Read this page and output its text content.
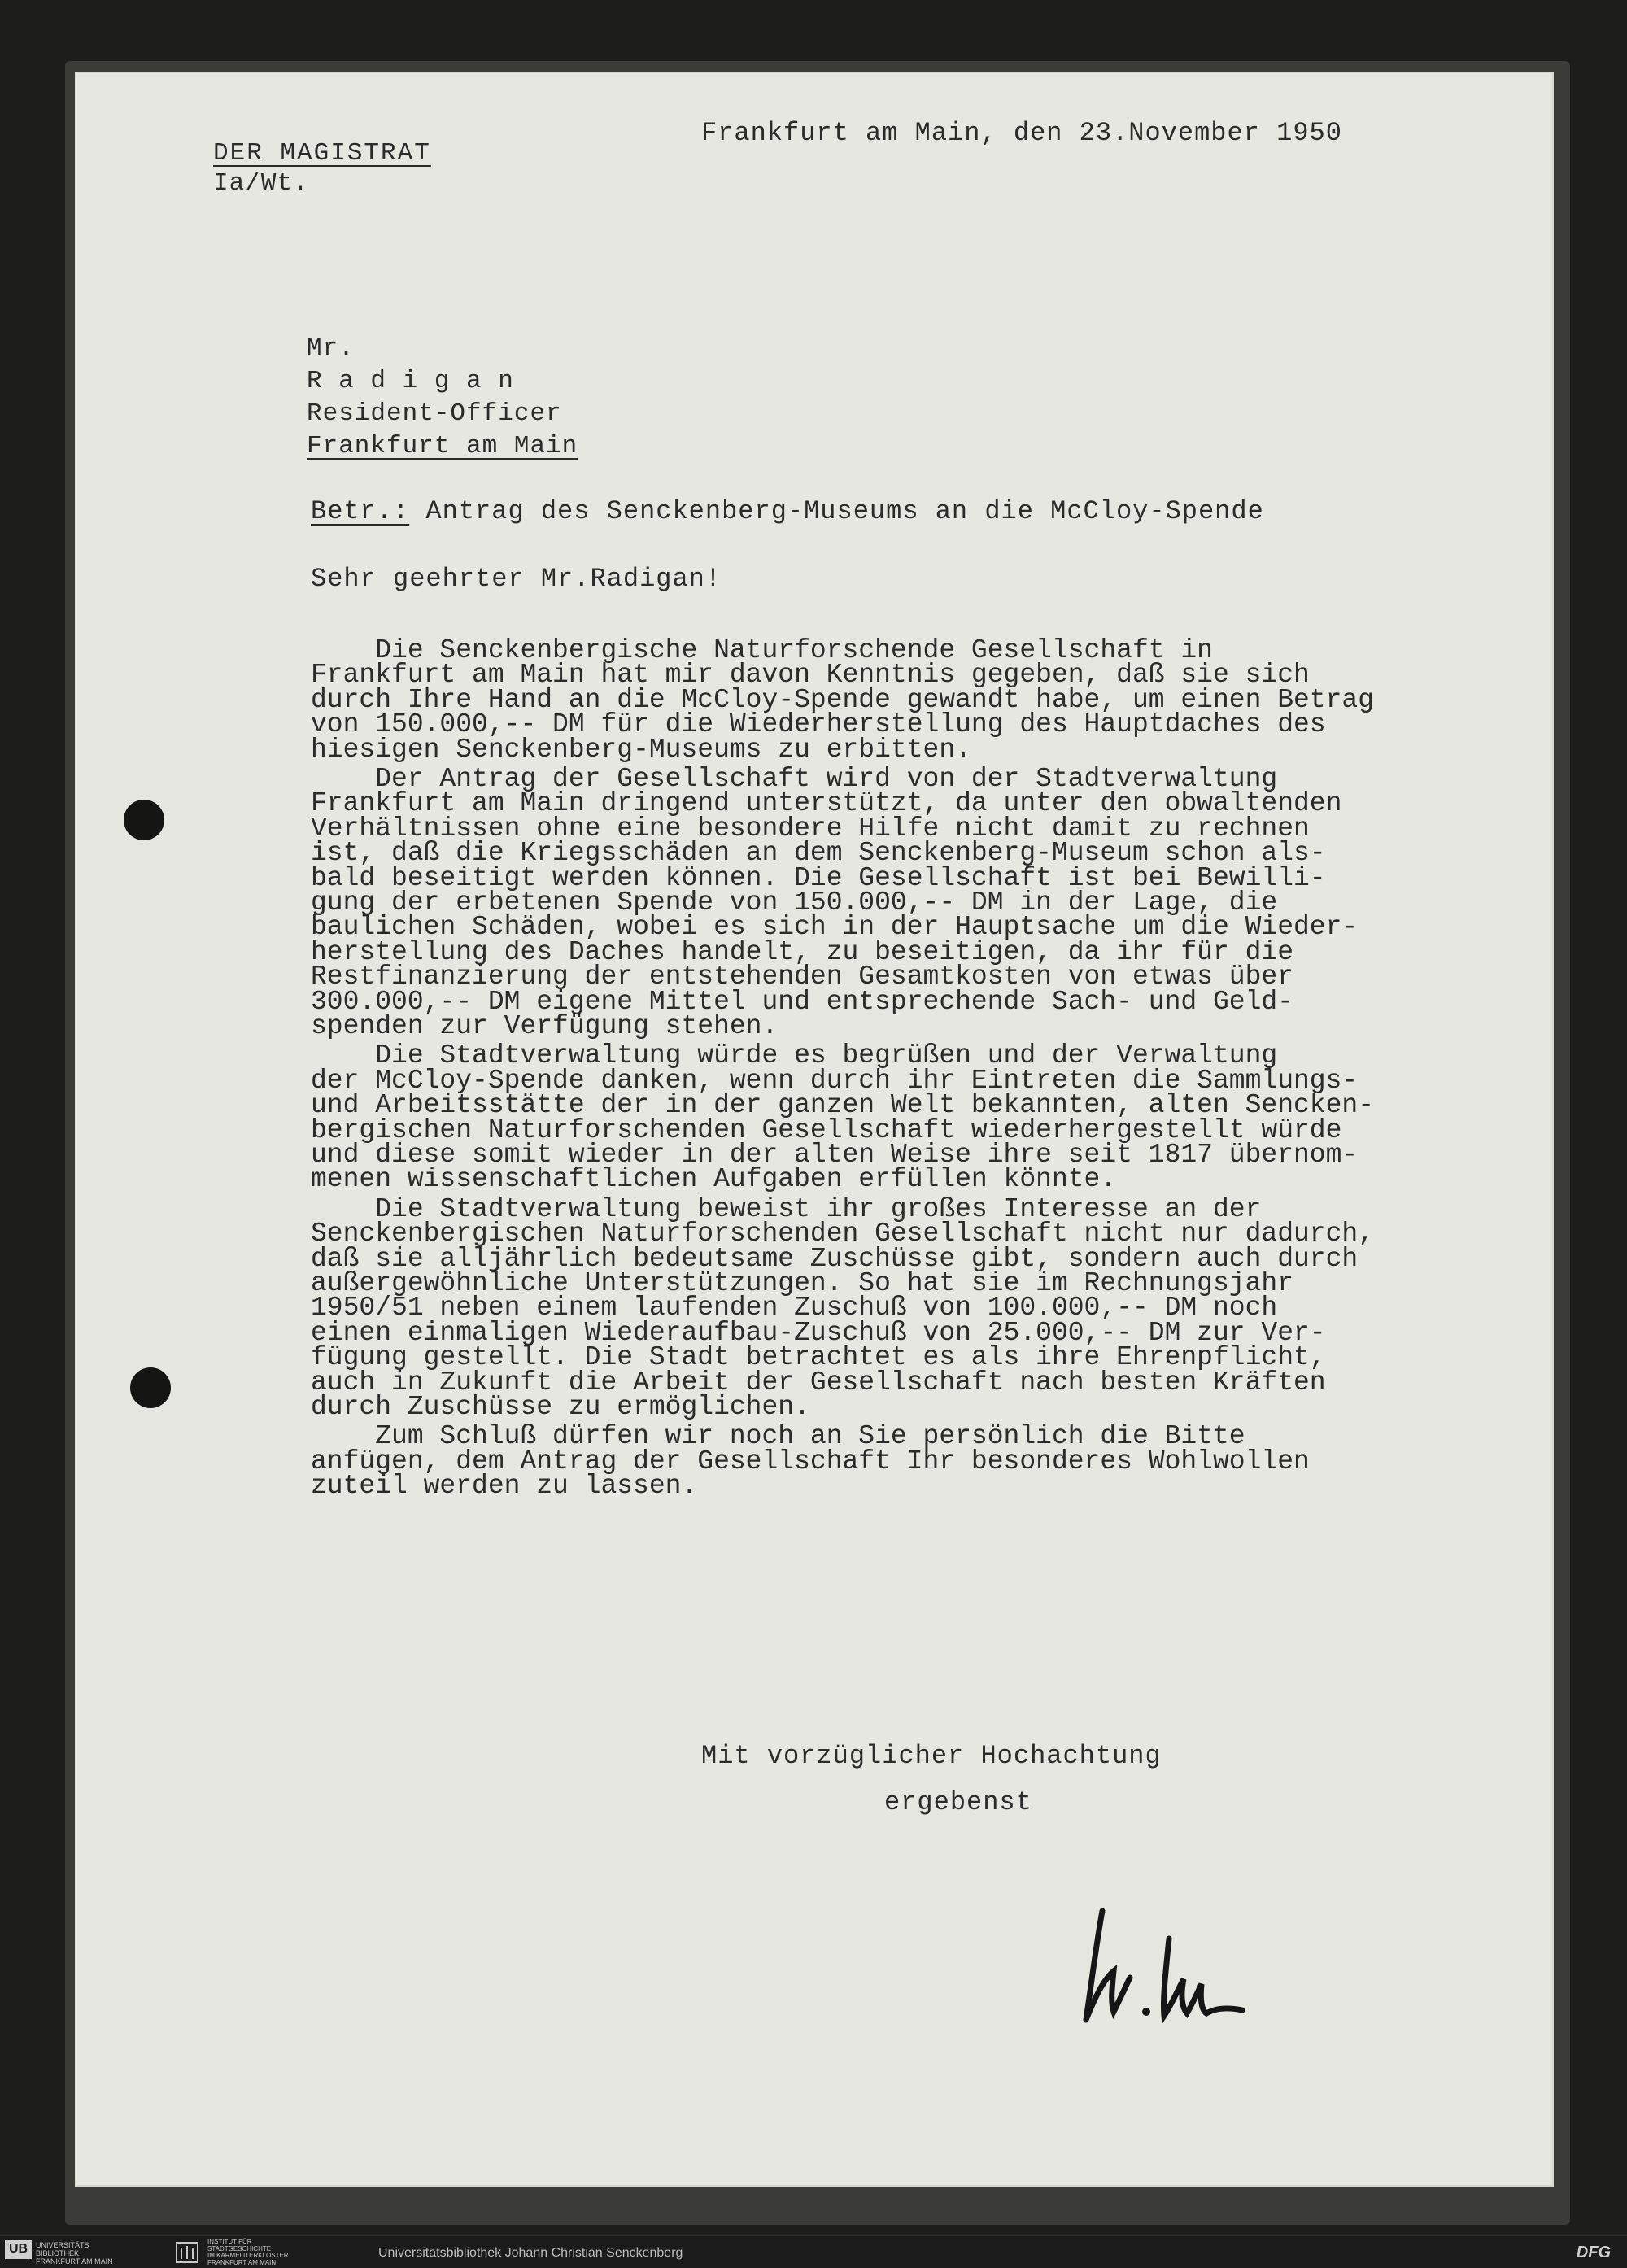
DER MAGISTRAT
Ia/Wt.
Frankfurt am Main, den 23.November 1950
Mr.
R a d i g a n
Resident-Officer
Frankfurt am Main
Betr.: Antrag des Senckenberg-Museums an die McCloy-Spende
Sehr geehrter Mr.Radigan!
Die Senckenbergische Naturforschende Gesellschaft in
Frankfurt am Main hat mir davon Kenntnis gegeben, daß sie sich
durch Ihre Hand an die McCloy-Spende gewandt habe, um einen Betrag
von 150.000,-- DM für die Wiederherstellung des Hauptdaches des
hiesigen Senckenberg-Museums zu erbitten.
Der Antrag der Gesellschaft wird von der Stadtverwaltung
Frankfurt am Main dringend unterstützt, da unter den obwaltenden
Verhältnissen ohne eine besondere Hilfe nicht damit zu rechnen
ist, daß die Kriegsschäden an dem Senckenberg-Museum schon als-
bald beseitigt werden können. Die Gesellschaft ist bei Bewilli-
gung der erbetenen Spende von 150.000,-- DM in der Lage, die
baulichen Schäden, wobei es sich in der Hauptsache um die Wieder-
herstellung des Daches handelt, zu beseitigen, da ihr für die
Restfinanzierung der entstehenden Gesamtkosten von etwas über
300.000,-- DM eigene Mittel und entsprechende Sach- und Geld-
spenden zur Verfügung stehen.
Die Stadtverwaltung würde es begrüßen und der Verwaltung
der McCloy-Spende danken, wenn durch ihr Eintreten die Sammlungs-
und Arbeitsstätte der in der ganzen Welt bekannten, alten Sencken-
bergischen Naturforschenden Gesellschaft wiederhergestellt würde
und diese somit wieder in der alten Weise ihre seit 1817 übernom-
menen wissenschaftlichen Aufgaben erfüllen könnte.
Die Stadtverwaltung beweist ihr großes Interesse an der
Senckenbergischen Naturforschenden Gesellschaft nicht nur dadurch,
daß sie alljährlich bedeutsame Zuschüsse gibt, sondern auch durch
außergewöhnliche Unterstützungen. So hat sie im Rechnungsjahr
1950/51 neben einem laufenden Zuschuß von 100.000,-- DM noch
einen einmaligen Wiederaufbau-Zuschuß von 25.000,-- DM zur Ver-
fügung gestellt. Die Stadt betrachtet es als ihre Ehrenpflicht,
auch in Zukunft die Arbeit der Gesellschaft nach besten Kräften
durch Zuschüsse zu ermöglichen.
Zum Schluß dürfen wir noch an Sie persönlich die Bitte
anfügen, dem Antrag der Gesellschaft Ihr besonderes Wohlwollen
zuteil werden zu lassen.
Mit vorzüglicher Hochachtung
ergebenst
UB	UNIVERSITÄTS
BIBLIOTHEK
FRANKFURT AM MAIN
INSTITUT FÜR
STADTGESCHICHTE
IM KARMELITERKLOSTER
FRANKFURT AM MAIN
Universitätsbibliothek Johann Christian Senckenberg	DFG
